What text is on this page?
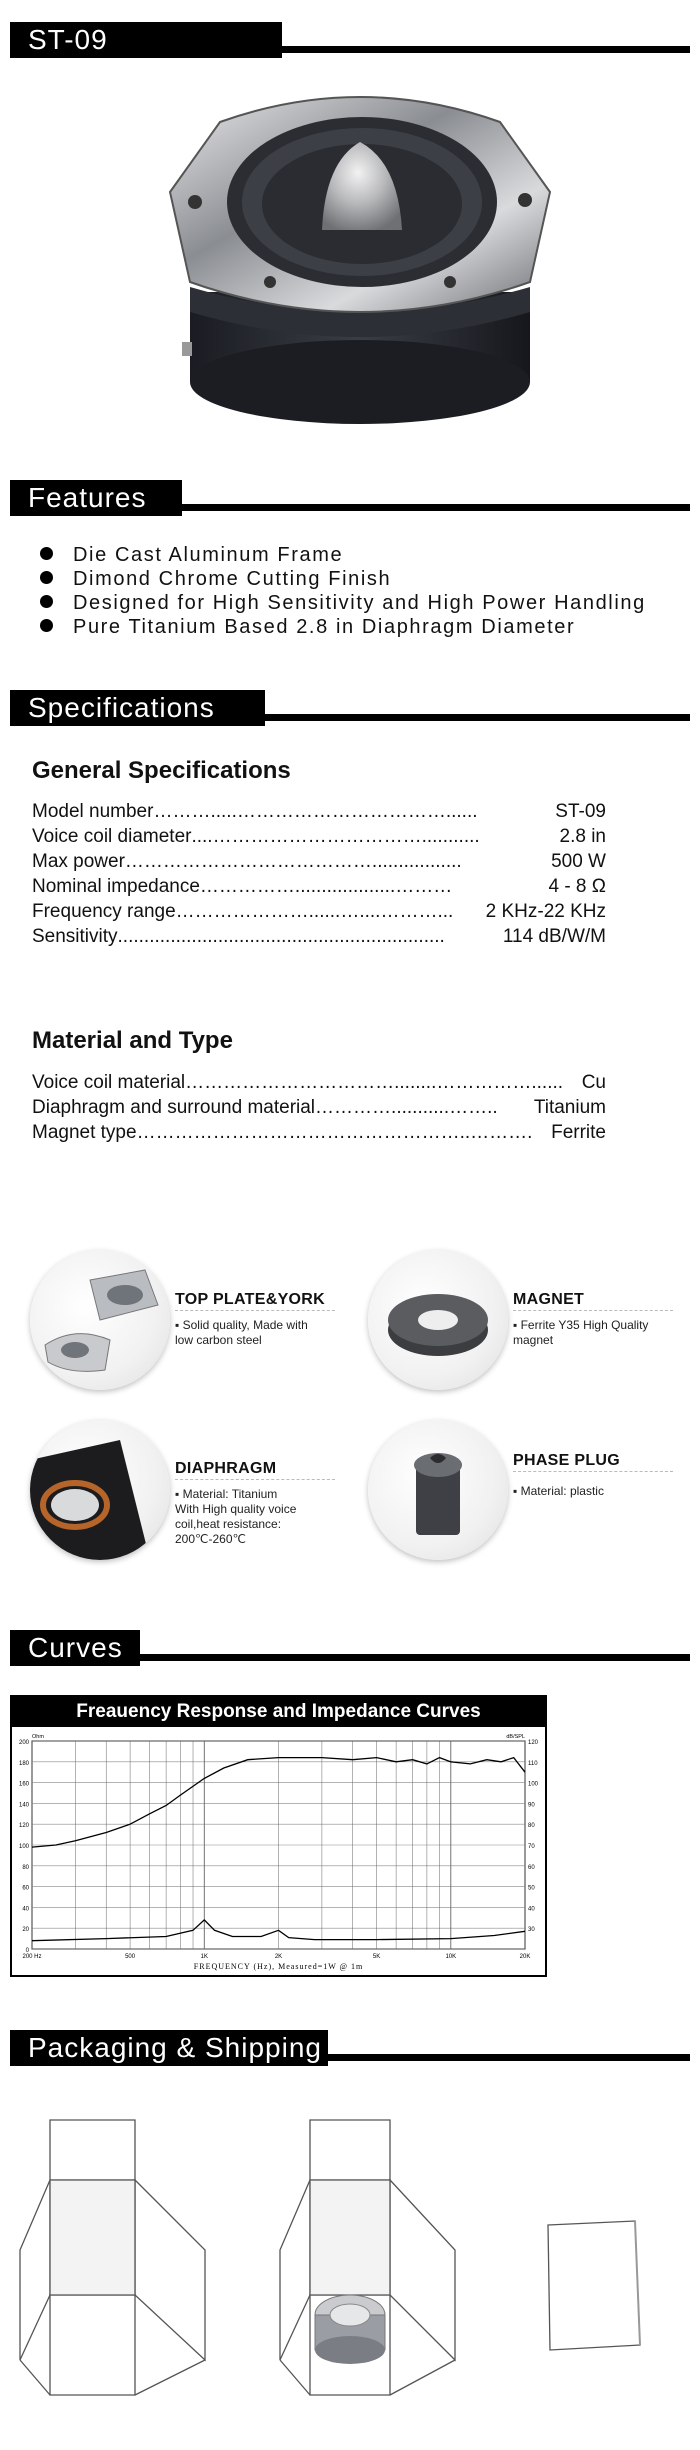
ST-09
Features
Die Cast Aluminum Frame
Dimond Chrome Cutting Finish
Designed for High Sensitivity and High Power Handling
Pure Titanium Based 2.8 in Diaphragm Diameter
Specifications
General Specifications
Model number ……….....……………………………......	ST-09
Voice coil diameter ....……………………………...........	2.8 in
Max power ………………………………….................	500 W
Nominal impedance ……………...................………	4 - 8 Ω
Frequency range …………………......…....………...	2 KHz-22 KHz
Sensitivity ..............................................................	114 dB/W/M
Material and Type
Voice coil material ……………………………........……………...... Cu
Diaphragm and surround material …………...........……..	Titanium
Magnet type ……………………………………………..………. Ferrite
TOP PLATE&YORK
▪ Solid quality, Made with
low carbon steel
MAGNET
▪ Ferrite Y35 High Quality
magnet
DIAPHRAGM
▪ Material: Titanium
With High quality voice
coil,heat resistance:
200℃-260℃
PHASE PLUG
▪ Material: plastic
Curves
Freauency Response and Impedance Curves
0
20
40
60
80
100
120
140
160
180
200
30
40
50
60
70
80
90
100
110
120
200 Hz	500	1K	2K	5K	10K	20K
Ohm	dB/SPL
FREQUENCY (Hz), Measured=1W @ 1m
Packaging & Shipping
